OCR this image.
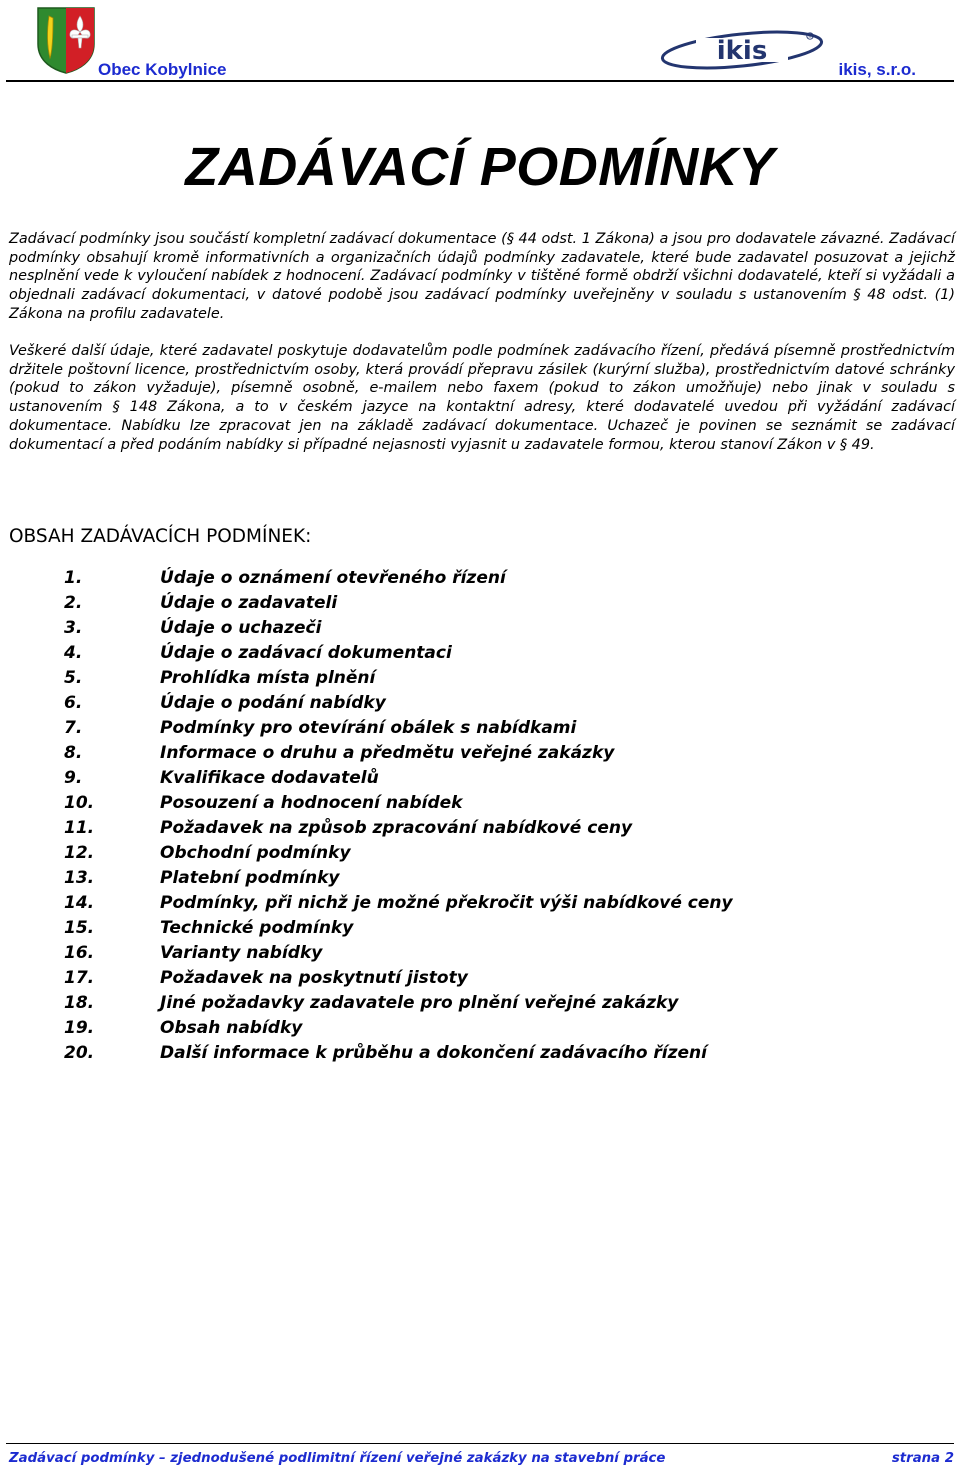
Obec Kobylnice
ikis	R
ikis, s.r.o.
ZADÁVACÍ PODMÍNKY
Zadávací podmínky jsou součástí kompletní zadávací dokumentace (§ 44 odst. 1 Zákona) a jsou pro dodavatele závazné. Zadávací podmínky obsahují kromě informativních a organizačních údajů podmínky zadavatele, které bude zadavatel posuzovat a jejichž nesplnění vede k vyloučení nabídek z hodnocení. Zadávací podmínky v tištěné formě obdrží všichni dodavatelé, kteří si vyžádali a objednali zadávací dokumentaci, v datové podobě jsou zadávací podmínky uveřejněny v souladu s ustanovením § 48 odst. (1) Zákona na profilu zadavatele.
Veškeré další údaje, které zadavatel poskytuje dodavatelům podle podmínek zadávacího řízení, předává písemně prostřednictvím držitele poštovní licence, prostřednictvím osoby, která provádí přepravu zásilek (kurýrní služba), prostřednictvím datové schránky (pokud to zákon vyžaduje), písemně osobně, e-mailem nebo faxem (pokud to zákon umožňuje) nebo jinak v souladu s ustanovením § 148 Zákona, a to v českém jazyce na kontaktní adresy, které dodavatelé uvedou při vyžádání zadávací dokumentace. Nabídku lze zpracovat jen na základě zadávací dokumentace. Uchazeč je povinen se seznámit se zadávací dokumentací a před podáním nabídky si případné nejasnosti vyjasnit u zadavatele formou, kterou stanoví Zákon v § 49.
OBSAH ZADÁVACÍCH PODMÍNEK:
1.	Údaje o oznámení otevřeného řízení
2.	Údaje o zadavateli
3.	Údaje o uchazeči
4.	Údaje o zadávací dokumentaci
5.	Prohlídka místa plnění
6.	Údaje o podání nabídky
7.	Podmínky pro otevírání obálek s nabídkami
8.	Informace o druhu a předmětu veřejné zakázky
9.	Kvalifikace dodavatelů
10.	Posouzení a hodnocení nabídek
11.	Požadavek na způsob zpracování nabídkové ceny
12.	Obchodní podmínky
13.	Platební podmínky
14.	Podmínky, při nichž je možné překročit výši nabídkové ceny
15.	Technické podmínky
16.	Varianty nabídky
17.	Požadavek na poskytnutí jistoty
18.	Jiné požadavky zadavatele pro plnění veřejné zakázky
19.	Obsah nabídky
20.	Další informace k průběhu a dokončení zadávacího řízení
Zadávací podmínky – zjednodušené podlimitní řízení veřejné zakázky na stavební práce	strana 2
